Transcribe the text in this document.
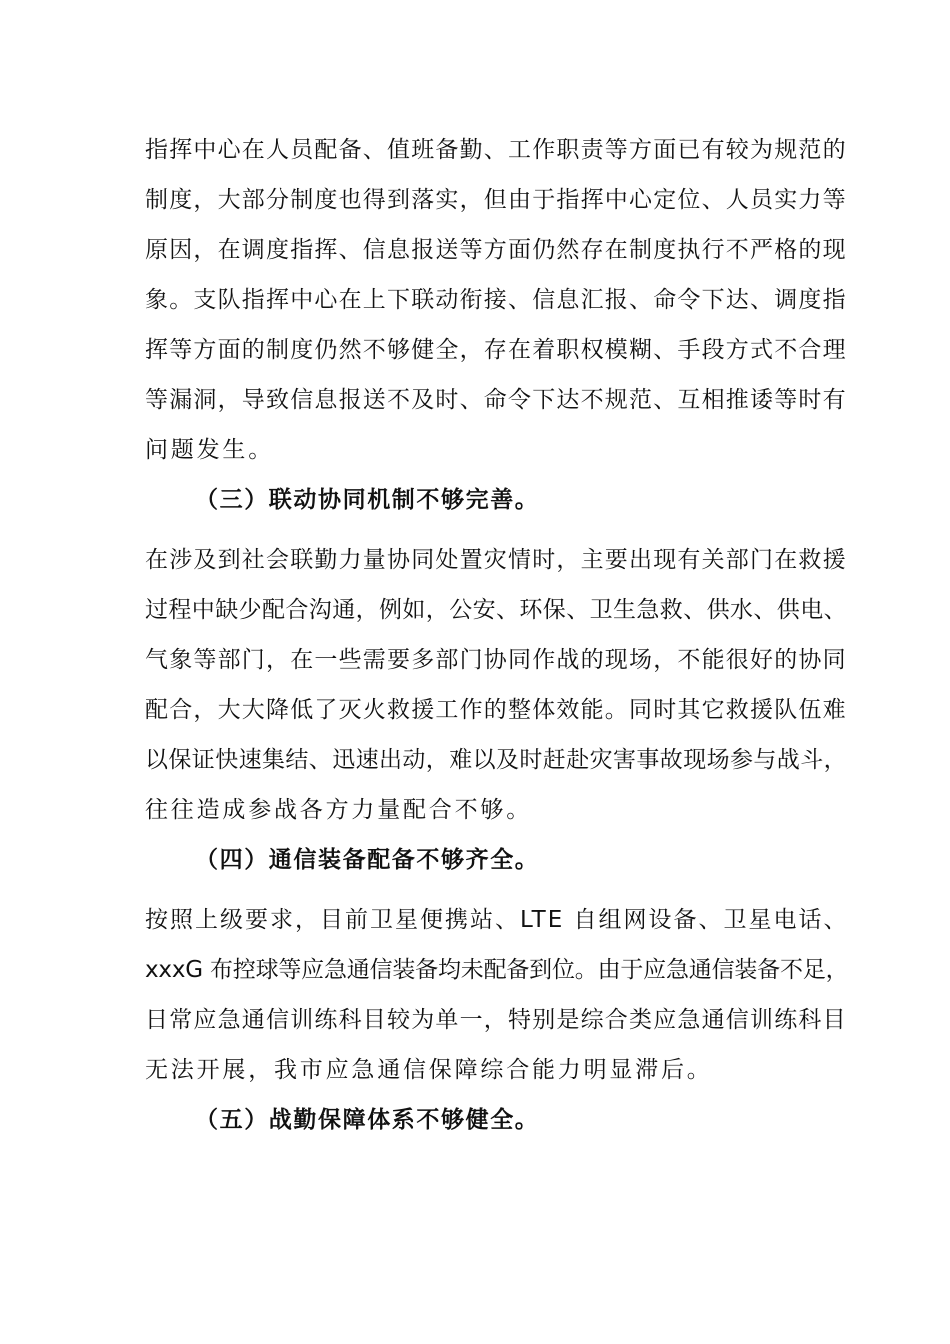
指挥中心在人员配备、值班备勤、工作职责等方面已有较为规范的
制度，大部分制度也得到落实，但由于指挥中心定位、人员实力等
原因，在调度指挥、信息报送等方面仍然存在制度执行不严格的现
象。支队指挥中心在上下联动衔接、信息汇报、命令下达、调度指
挥等方面的制度仍然不够健全，存在着职权模糊、手段方式不合理
等漏洞，导致信息报送不及时、命令下达不规范、互相推诿等时有
问题发生。
（三）联动协同机制不够完善。
在涉及到社会联勤力量协同处置灾情时，主要出现有关部门在救援
过程中缺少配合沟通，例如，公安、环保、卫生急救、供水、供电、
气象等部门，在一些需要多部门协同作战的现场，不能很好的协同
配合，大大降低了灭火救援工作的整体效能。同时其它救援队伍难
以保证快速集结、迅速出动，难以及时赶赴灾害事故现场参与战斗，
往往造成参战各方力量配合不够。
（四）通信装备配备不够齐全。
按照上级要求，目前卫星便携站、LTE 自组网设备、卫星电话、
xxxG 布控球等应急通信装备均未配备到位。由于应急通信装备不足，
日常应急通信训练科目较为单一，特别是综合类应急通信训练科目
无法开展，我市应急通信保障综合能力明显滞后。
（五）战勤保障体系不够健全。
